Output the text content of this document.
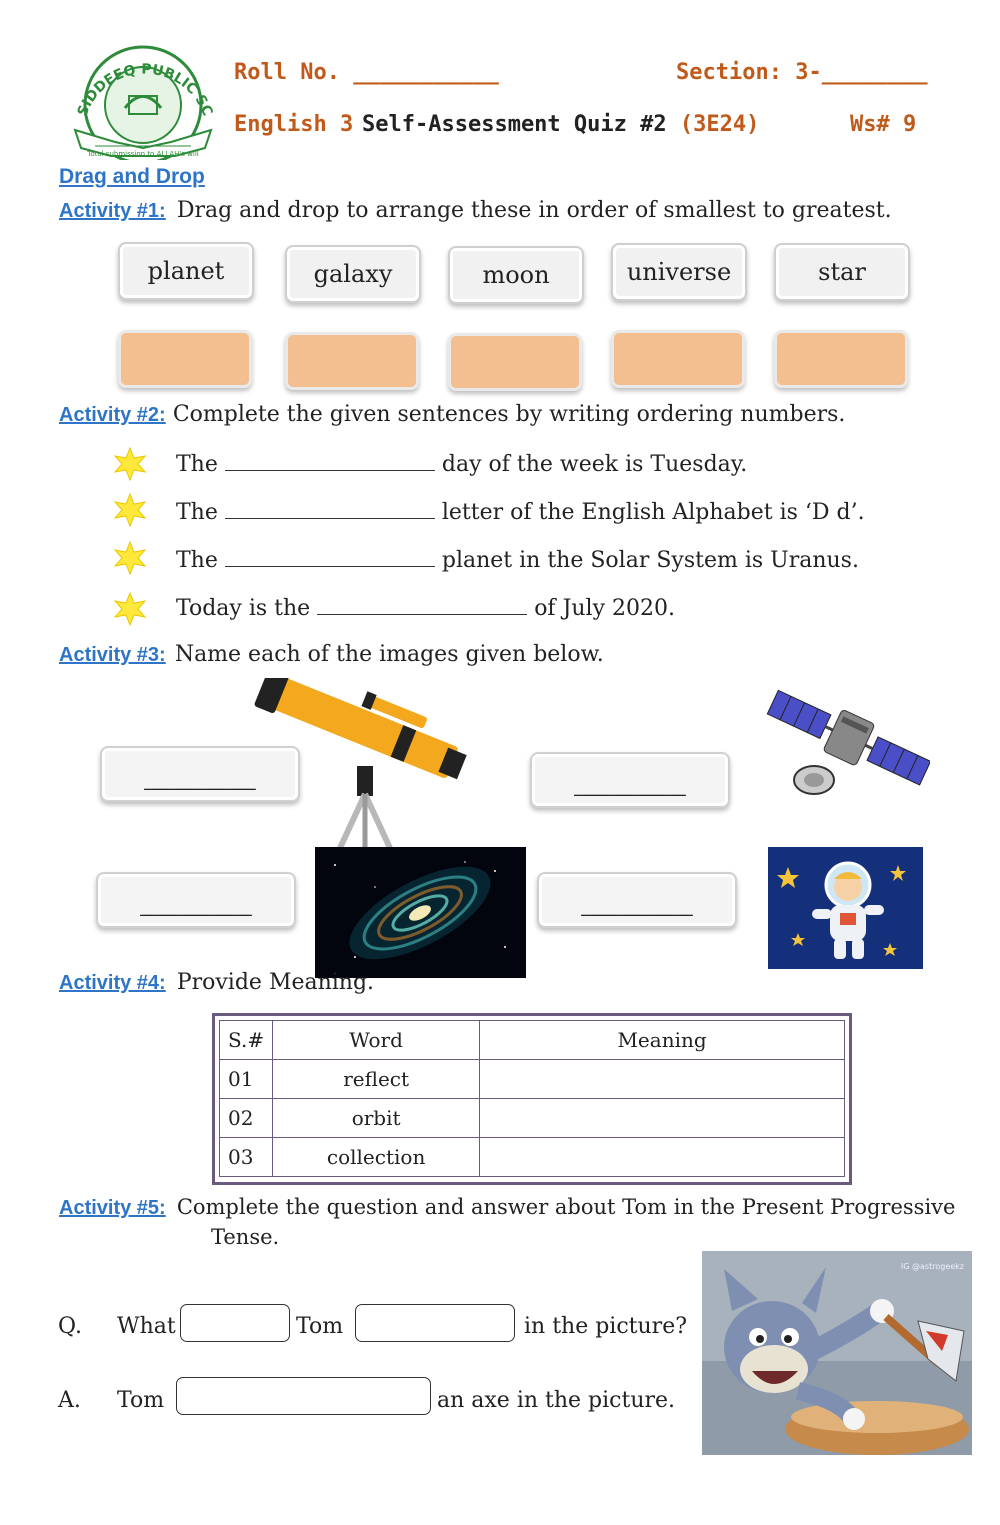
SIDDEEQ PUBLIC SC
Total submission to ALLAH's will
Roll No. ___________	Section: 3-________
English 3 Self-Assessment Quiz #2 (3E24)	Ws# 9
Drag and Drop
Activity #1: Drag and drop to arrange these in order of smallest to greatest.
planet	galaxy	moon	universe	star
Activity #2: Complete the given sentences by writing ordering numbers.
The	day of the week is Tuesday.
The	letter of the English Alphabet is ‘D d’.
The	planet in the Solar System is Uranus.
Today is the	of July 2020.
Activity #3: Name each of the images given below.
__________	__________
__________	__________
Activity #4: Provide Meaning.
S.#	Word	Meaning
01	reflect	
02	orbit	
03	collection	
Activity #5: Complete the question and answer about Tom in the Present Progressive
Tense.
IG @astrogeekz
Q. What	Tom	in the picture?
A. Tom	an axe in the picture.
